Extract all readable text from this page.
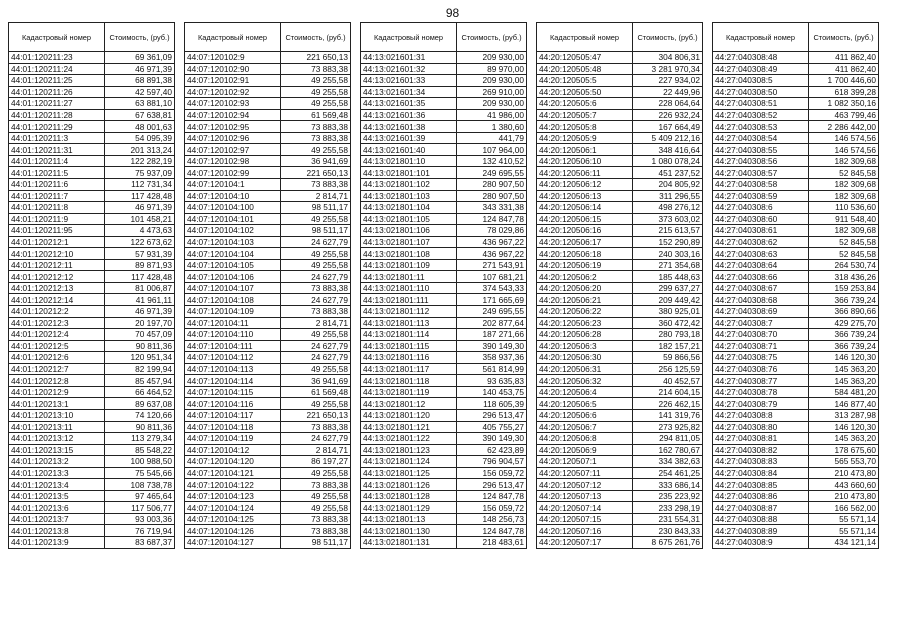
98
Кадастровый номер	Стоимость, (руб.)
44:01:120211:23	69 361,09
44:01:120211:24	46 971,39
44:01:120211:25	68 891,38
44:01:120211:26	42 597,40
44:01:120211:27	63 881,10
44:01:120211:28	67 638,81
44:01:120211:29	48 001,63
44:01:120211:3	54 095,39
44:01:120211:31	201 313,24
44:01:120211:4	122 282,19
44:01:120211:5	75 937,09
44:01:120211:6	112 731,34
44:01:120211:7	117 428,48
44:01:120211:8	46 971,39
44:01:120211:9	101 458,21
44:01:120211:95	4 473,63
44:01:120212:1	122 673,62
44:01:120212:10	57 931,39
44:01:120212:11	89 871,93
44:01:120212:12	117 428,48
44:01:120212:13	81 006,87
44:01:120212:14	41 961,11
44:01:120212:2	46 971,39
44:01:120212:3	20 197,70
44:01:120212:4	70 457,09
44:01:120212:5	90 811,36
44:01:120212:6	120 951,34
44:01:120212:7	82 199,94
44:01:120212:8	85 457,94
44:01:120212:9	66 464,52
44:01:120213:1	89 637,08
44:01:120213:10	74 120,66
44:01:120213:11	90 811,36
44:01:120213:12	113 279,34
44:01:120213:15	85 548,22
44:01:120213:2	100 988,50
44:01:120213:3	75 545,66
44:01:120213:4	108 738,78
44:01:120213:5	97 465,64
44:01:120213:6	117 506,77
44:01:120213:7	93 003,36
44:01:120213:8	76 719,94
44:01:120213:9	83 687,37
Кадастровый номер	Стоимость, (руб.)
44:07:120102:9	221 650,13
44:07:120102:90	73 883,38
44:07:120102:91	49 255,58
44:07:120102:92	49 255,58
44:07:120102:93	49 255,58
44:07:120102:94	61 569,48
44:07:120102:95	73 883,38
44:07:120102:96	73 883,38
44:07:120102:97	49 255,58
44:07:120102:98	36 941,69
44:07:120102:99	221 650,13
44:07:120104:1	73 883,38
44:07:120104:10	2 814,71
44:07:120104:100	98 511,17
44:07:120104:101	49 255,58
44:07:120104:102	98 511,17
44:07:120104:103	24 627,79
44:07:120104:104	49 255,58
44:07:120104:105	49 255,58
44:07:120104:106	24 627,79
44:07:120104:107	73 883,38
44:07:120104:108	24 627,79
44:07:120104:109	73 883,38
44:07:120104:11	2 814,71
44:07:120104:110	49 255,58
44:07:120104:111	24 627,79
44:07:120104:112	24 627,79
44:07:120104:113	49 255,58
44:07:120104:114	36 941,69
44:07:120104:115	61 569,48
44:07:120104:116	49 255,58
44:07:120104:117	221 650,13
44:07:120104:118	73 883,38
44:07:120104:119	24 627,79
44:07:120104:12	2 814,71
44:07:120104:120	86 197,27
44:07:120104:121	49 255,58
44:07:120104:122	73 883,38
44:07:120104:123	49 255,58
44:07:120104:124	49 255,58
44:07:120104:125	73 883,38
44:07:120104:126	73 883,38
44:07:120104:127	98 511,17
Кадастровый номер	Стоимость, (руб.)
44:13:021601:31	209 930,00
44:13:021601:32	89 970,00
44:13:021601:33	209 930,00
44:13:021601:34	269 910,00
44:13:021601:35	209 930,00
44:13:021601:36	41 986,00
44:13:021601:38	1 380,60
44:13:021601:39	441,79
44:13:021601:40	107 964,00
44:13:021801:10	132 410,52
44:13:021801:101	249 695,55
44:13:021801:102	280 907,50
44:13:021801:103	280 907,50
44:13:021801:104	343 331,38
44:13:021801:105	124 847,78
44:13:021801:106	78 029,86
44:13:021801:107	436 967,22
44:13:021801:108	436 967,22
44:13:021801:109	271 543,91
44:13:021801:11	107 681,21
44:13:021801:110	374 543,33
44:13:021801:111	171 665,69
44:13:021801:112	249 695,55
44:13:021801:113	202 877,64
44:13:021801:114	187 271,66
44:13:021801:115	390 149,30
44:13:021801:116	358 937,36
44:13:021801:117	561 814,99
44:13:021801:118	93 635,83
44:13:021801:119	140 453,75
44:13:021801:12	118 605,39
44:13:021801:120	296 513,47
44:13:021801:121	405 755,27
44:13:021801:122	390 149,30
44:13:021801:123	62 423,89
44:13:021801:124	796 904,57
44:13:021801:125	156 059,72
44:13:021801:126	296 513,47
44:13:021801:128	124 847,78
44:13:021801:129	156 059,72
44:13:021801:13	148 256,73
44:13:021801:130	124 847,78
44:13:021801:131	218 483,61
Кадастровый номер	Стоимость, (руб.)
44:20:120505:47	304 806,31
44:20:120505:48	3 281 970,34
44:20:120505:5	227 934,02
44:20:120505:50	22 449,96
44:20:120505:6	228 064,64
44:20:120505:7	226 932,24
44:20:120505:8	167 664,49
44:20:120505:9	5 409 212,16
44:20:120506:1	348 416,64
44:20:120506:10	1 080 078,24
44:20:120506:11	451 237,52
44:20:120506:12	204 805,92
44:20:120506:13	311 296,55
44:20:120506:14	498 276,12
44:20:120506:15	373 603,02
44:20:120506:16	215 613,57
44:20:120506:17	152 290,89
44:20:120506:18	240 303,16
44:20:120506:19	271 354,68
44:20:120506:2	185 448,63
44:20:120506:20	299 637,27
44:20:120506:21	209 449,42
44:20:120506:22	380 925,01
44:20:120506:23	360 472,42
44:20:120506:28	280 793,18
44:20:120506:3	182 157,21
44:20:120506:30	59 866,56
44:20:120506:31	256 125,59
44:20:120506:32	40 452,57
44:20:120506:4	214 604,15
44:20:120506:5	226 462,15
44:20:120506:6	141 319,76
44:20:120506:7	273 925,82
44:20:120506:8	294 811,05
44:20:120506:9	162 780,67
44:20:120507:1	334 382,63
44:20:120507:11	254 461,25
44:20:120507:12	333 686,14
44:20:120507:13	235 223,92
44:20:120507:14	233 298,19
44:20:120507:15	231 554,31
44:20:120507:16	230 843,33
44:20:120507:17	8 675 261,76
Кадастровый номер	Стоимость, (руб.)
44:27:040308:48	411 862,40
44:27:040308:49	411 862,40
44:27:040308:5	1 700 446,60
44:27:040308:50	618 399,28
44:27:040308:51	1 082 350,16
44:27:040308:52	463 799,46
44:27:040308:53	2 286 442,00
44:27:040308:54	146 574,56
44:27:040308:55	146 574,56
44:27:040308:56	182 309,68
44:27:040308:57	52 845,58
44:27:040308:58	182 309,68
44:27:040308:59	182 309,68
44:27:040308:6	110 536,60
44:27:040308:60	911 548,40
44:27:040308:61	182 309,68
44:27:040308:62	52 845,58
44:27:040308:63	52 845,58
44:27:040308:64	264 530,74
44:27:040308:66	318 436,26
44:27:040308:67	159 253,84
44:27:040308:68	366 739,24
44:27:040308:69	366 890,66
44:27:040308:7	429 275,70
44:27:040308:70	366 739,24
44:27:040308:71	366 739,24
44:27:040308:75	146 120,30
44:27:040308:76	145 363,20
44:27:040308:77	145 363,20
44:27:040308:78	584 481,20
44:27:040308:79	146 877,40
44:27:040308:8	313 287,98
44:27:040308:80	146 120,30
44:27:040308:81	145 363,20
44:27:040308:82	178 675,60
44:27:040308:83	565 553,70
44:27:040308:84	210 473,80
44:27:040308:85	443 660,60
44:27:040308:86	210 473,80
44:27:040308:87	166 562,00
44:27:040308:88	55 571,14
44:27:040308:89	55 571,14
44:27:040308:9	434 121,14
